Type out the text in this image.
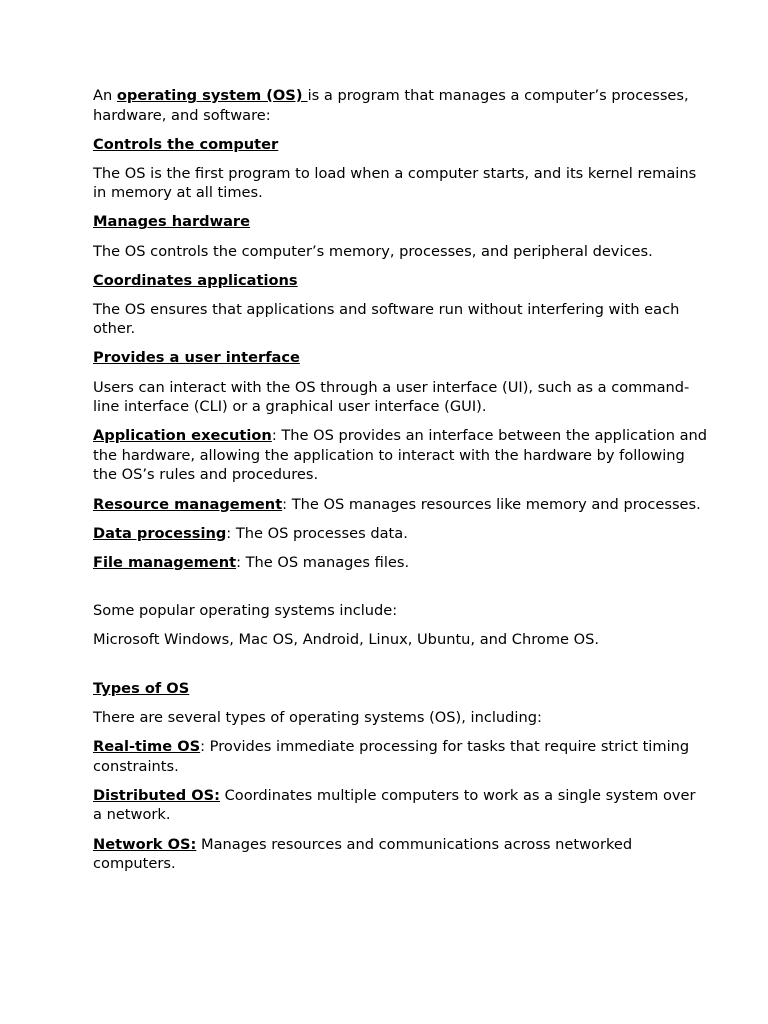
An operating system (OS) is a program that manages a computer’s processes, hardware, and software:

Controls the computer

The OS is the first program to load when a computer starts, and its kernel remains in memory at all times.

Manages hardware

The OS controls the computer’s memory, processes, and peripheral devices.

Coordinates applications

The OS ensures that applications and software run without interfering with each other.

Provides a user interface

Users can interact with the OS through a user interface (UI), such as a command-line interface (CLI) or a graphical user interface (GUI).

Application execution: The OS provides an interface between the application and the hardware, allowing the application to interact with the hardware by following the OS’s rules and procedures.

Resource management: The OS manages resources like memory and processes.

Data processing: The OS processes data.

File management: The OS manages files.

Some popular operating systems include:

Microsoft Windows, Mac OS, Android, Linux, Ubuntu, and Chrome OS.

Types of OS

There are several types of operating systems (OS), including:

Real-time OS: Provides immediate processing for tasks that require strict timing constraints.

Distributed OS: Coordinates multiple computers to work as a single system over a network.

Network OS: Manages resources and communications across networked computers.
